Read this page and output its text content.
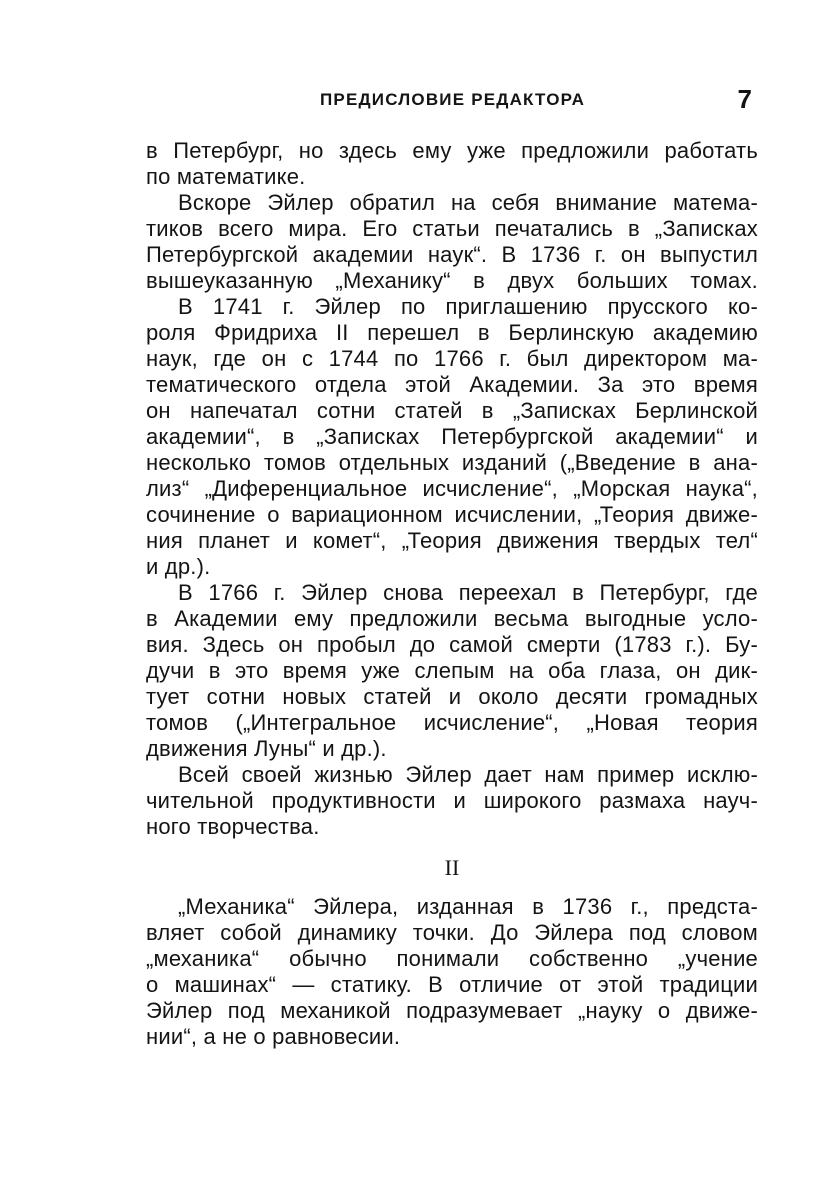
ПРЕДИСЛОВИЕ РЕДАКТОРА	7
в Петербург, но здесь ему уже предложили работать
по математике.
Вскоре Эйлер обратил на себя внимание матема-
тиков всего мира. Его статьи печатались в „Записках
Петербургской академии наук“. В 1736 г. он выпустил
вышеуказанную „Механику“ в двух больших томах.
В 1741 г. Эйлер по приглашению прусского ко-
роля Фридриха II перешел в Берлинскую академию
наук, где он с 1744 по 1766 г. был директором ма-
тематического отдела этой Академии. За это время
он напечатал сотни статей в „Записках Берлинской
академии“, в „Записках Петербургской академии“ и
несколько томов отдельных изданий („Введение в ана-
лиз“ „Диференциальное исчисление“, „Морская наука“,
сочинение о вариационном исчислении, „Теория движе-
ния планет и комет“, „Теория движения твердых тел“
и др.).
В 1766 г. Эйлер снова переехал в Петербург, где
в Академии ему предложили весьма выгодные усло-
вия. Здесь он пробыл до самой смерти (1783 г.). Бу-
дучи в это время уже слепым на оба глаза, он дик-
тует сотни новых статей и около десяти громадных
томов („Интегральное исчисление“, „Новая теория
движения Луны“ и др.).
Всей своей жизнью Эйлер дает нам пример исклю-
чительной продуктивности и широкого размаха науч-
ного творчества.
II
„Механика“ Эйлера, изданная в 1736 г., предста-
вляет собой динамику точки. До Эйлера под словом
„механика“ обычно понимали собственно „учение
о машинах“ — статику. В отличие от этой традиции
Эйлер под механикой подразумевает „науку о движе-
нии“, а не о равновесии.
